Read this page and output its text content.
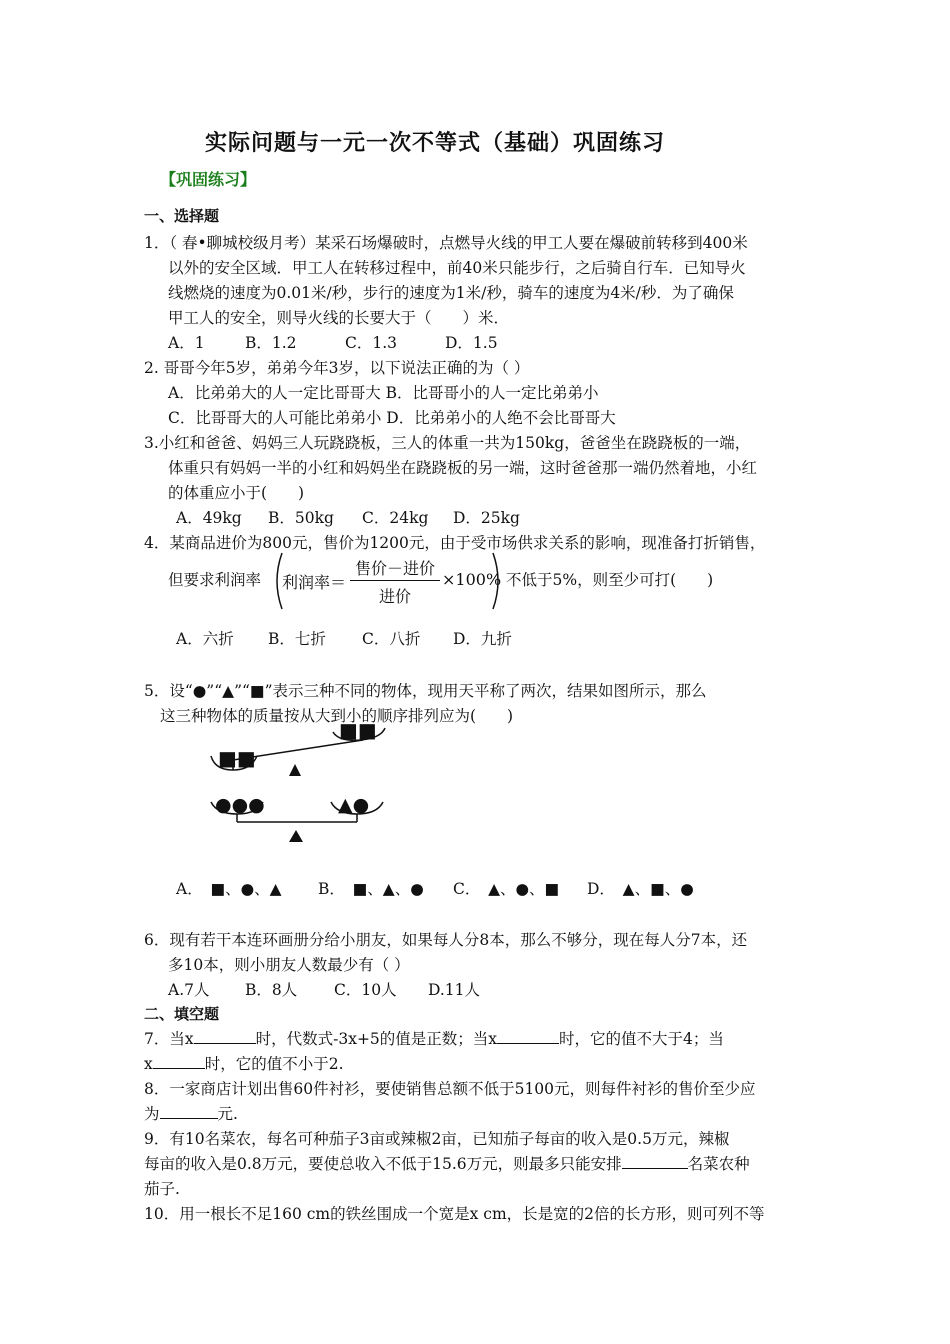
实际问题与一元一次不等式（基础）巩固练习
【巩固练习】
一、选择题
1．（ 春•聊城校级月考）某采石场爆破时，点燃导火线的甲工人要在爆破前转移到400米
以外的安全区域．甲工人在转移过程中，前40米只能步行，之后骑自行车．已知导火
线燃烧的速度为0.01米/秒，步行的速度为1米/秒，骑车的速度为4米/秒．为了确保
甲工人的安全，则导火线的长要大于（　　）米．
A．1	B．1.2	C．1.3	D．1.5
2. 哥哥今年5岁，弟弟今年3岁，以下说法正确的为（ ）
A．比弟弟大的人一定比哥哥大 B．比哥哥小的人一定比弟弟小
C．比哥哥大的人可能比弟弟小 D．比弟弟小的人绝不会比哥哥大
3.小红和爸爸、妈妈三人玩跷跷板，三人的体重一共为150kg，爸爸坐在跷跷板的一端，
体重只有妈妈一半的小红和妈妈坐在跷跷板的另一端，这时爸爸那一端仍然着地，小红
的体重应小于(　　)
A．49kg B．50kg C．24kg D．25kg
4．某商品进价为800元，售价为1200元，由于受市场供求关系的影响，现准备打折销售，
但要求利润率 利润率＝
售价－进价
进价
×100% 不低于5%，则至少可打(　　)
A．六折 B．七折 C．八折 D．九折
5．设“●”“▲”“■”表示三种不同的物体，现用天平称了两次，结果如图所示，那么
这三种物体的质量按从大到小的顺序排列应为(　　)
■■
■■
●●●	▲●
A．　■、●、▲ B．　■、▲、● C．　▲、●、■ D．　▲、■、●
6．现有若干本连环画册分给小朋友，如果每人分8本，那么不够分，现在每人分7本，还
多10本，则小朋友人数最少有（ ）
A.7人 B．8人 C．10人 D.11人
二、填空题
7．当x	时，代数式-3x+5的值是正数；当x	时，它的值不大于4；当
x	时，它的值不小于2.
8．一家商店计划出售60件衬衫，要使销售总额不低于5100元，则每件衬衫的售价至少应
为	元.
9．有10名菜农，每名可种茄子3亩或辣椒2亩，已知茄子每亩的收入是0.5万元，辣椒
每亩的收入是0.8万元，要使总收入不低于15.6万元，则最多只能安排	名菜农种
茄子.
10．用一根长不足160 cm的铁丝围成一个宽是x cm，长是宽的2倍的长方形，则可列不等
